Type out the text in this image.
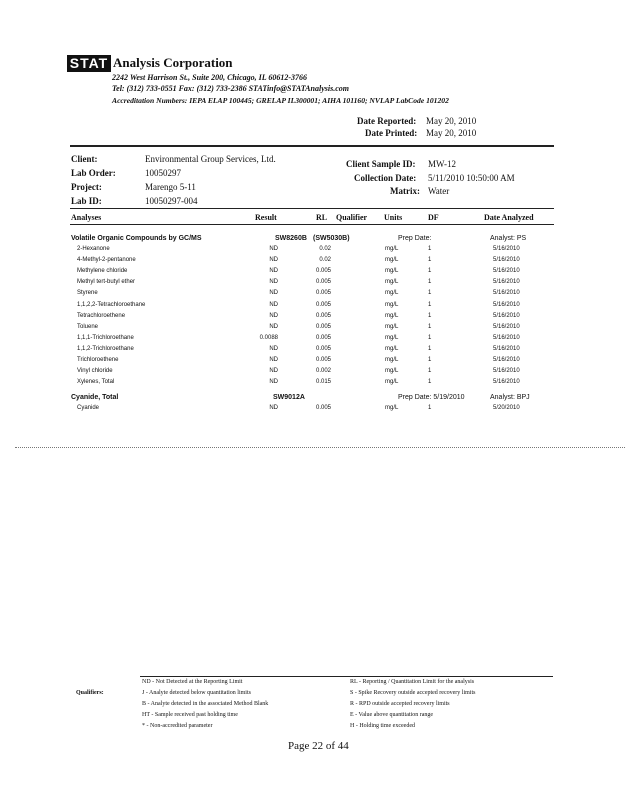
STAT Analysis Corporation
2242 West Harrison St., Suite 200, Chicago, IL 60612-3766
Tel: (312) 733-0551 Fax: (312) 733-2386 STATinfo@STATAnalysis.com
Accreditation Numbers: IEPA ELAP 100445; GRELAP IL300001; AIHA 101160; NVLAP LabCode 101202
Date Reported: May 20, 2010
Date Printed: May 20, 2010
Client:	Environmental Group Services, Ltd.
Lab Order:	10050297
Project:	Marengo 5-11
Lab ID:	10050297-004
Client Sample ID: MW-12
Collection Date: 5/11/2010 10:50:00 AM
Matrix: Water
Analyses	Result	RL Qualifier Units	DF	Date Analyzed
Volatile Organic Compounds by GC/MS	SW8260B (SW5030B)	Prep Date:	Analyst: PS
2-Hexanone	ND	0.02	mg/L	1	5/16/2010
4-Methyl-2-pentanone	ND	0.02	mg/L	1	5/16/2010
Methylene chloride	ND	0.005	mg/L	1	5/16/2010
Methyl tert-butyl ether	ND	0.005	mg/L	1	5/16/2010
Styrene	ND	0.005	mg/L	1	5/16/2010
1,1,2,2-Tetrachloroethane	ND	0.005	mg/L	1	5/16/2010
Tetrachloroethene	ND	0.005	mg/L	1	5/16/2010
Toluene	ND	0.005	mg/L	1	5/16/2010
1,1,1-Trichloroethane	0.0088	0.005	mg/L	1	5/16/2010
1,1,2-Trichloroethane	ND	0.005	mg/L	1	5/16/2010
Trichloroethene	ND	0.005	mg/L	1	5/16/2010
Vinyl chloride	ND	0.002	mg/L	1	5/16/2010
Xylenes, Total	ND	0.015	mg/L	1	5/16/2010
Cyanide, Total	SW9012A	Prep Date: 5/19/2010	Analyst: BPJ
Cyanide	ND	0.005	mg/L	1	5/20/2010
Qualifiers:
ND - Not Detected at the Reporting Limit
J - Analyte detected below quantitation limits
B - Analyte detected in the associated Method Blank
HT - Sample received past holding time
* - Non-accredited parameter
RL - Reporting / Quantitation Limit for the analysis
S - Spike Recovery outside accepted recovery limits
R - RPD outside accepted recovery limits
E - Value above quantitation range
H - Holding time exceeded
Page 22 of 44
